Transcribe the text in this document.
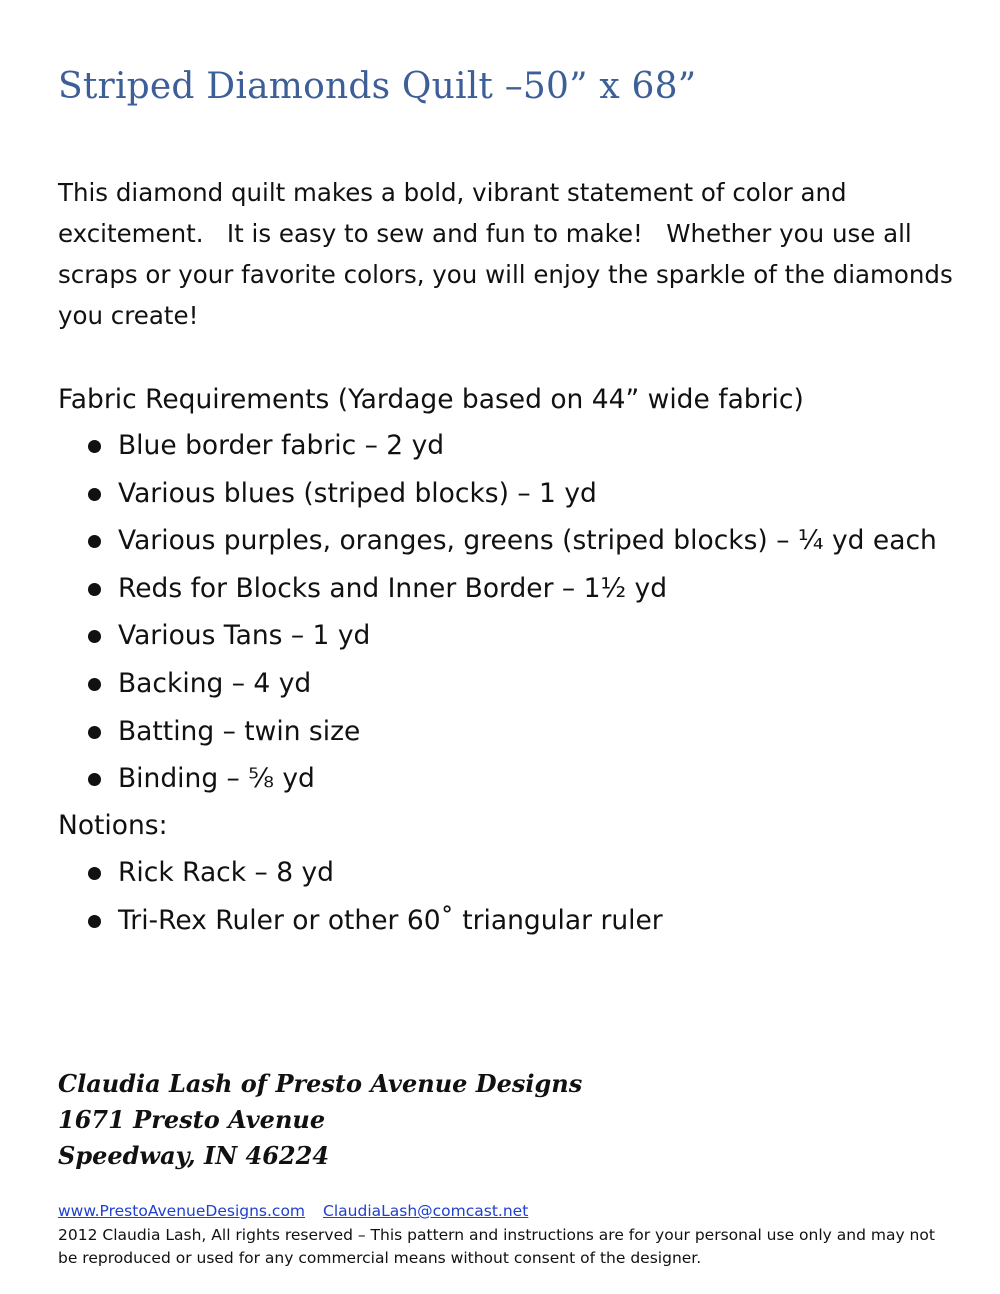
Striped Diamonds Quilt –50” x 68”

This diamond quilt makes a bold, vibrant statement of color and excitement.   It is easy to sew and fun to make!   Whether you use all scraps or your favorite colors, you will enjoy the sparkle of the diamonds you create!

Fabric Requirements (Yardage based on 44” wide fabric)

Blue border fabric – 2 yd
Various blues (striped blocks) – 1 yd
Various purples, oranges, greens (striped blocks) – ¼ yd each
Reds for Blocks and Inner Border – 1½ yd
Various Tans – 1 yd
Backing – 4 yd
Batting – twin size
Binding – ⅝ yd

Notions:

Rick Rack – 8 yd
Tri-Rex Ruler or other 60˚ triangular ruler
Claudia Lash of Presto Avenue Designs
1671 Presto Avenue
Speedway, IN 46224
www.PrestoAvenueDesigns.com ClaudiaLash@comcast.net
2012 Claudia Lash, All rights reserved – This pattern and instructions are for your personal use only and may not be reproduced or used for any commercial means without consent of the designer.
